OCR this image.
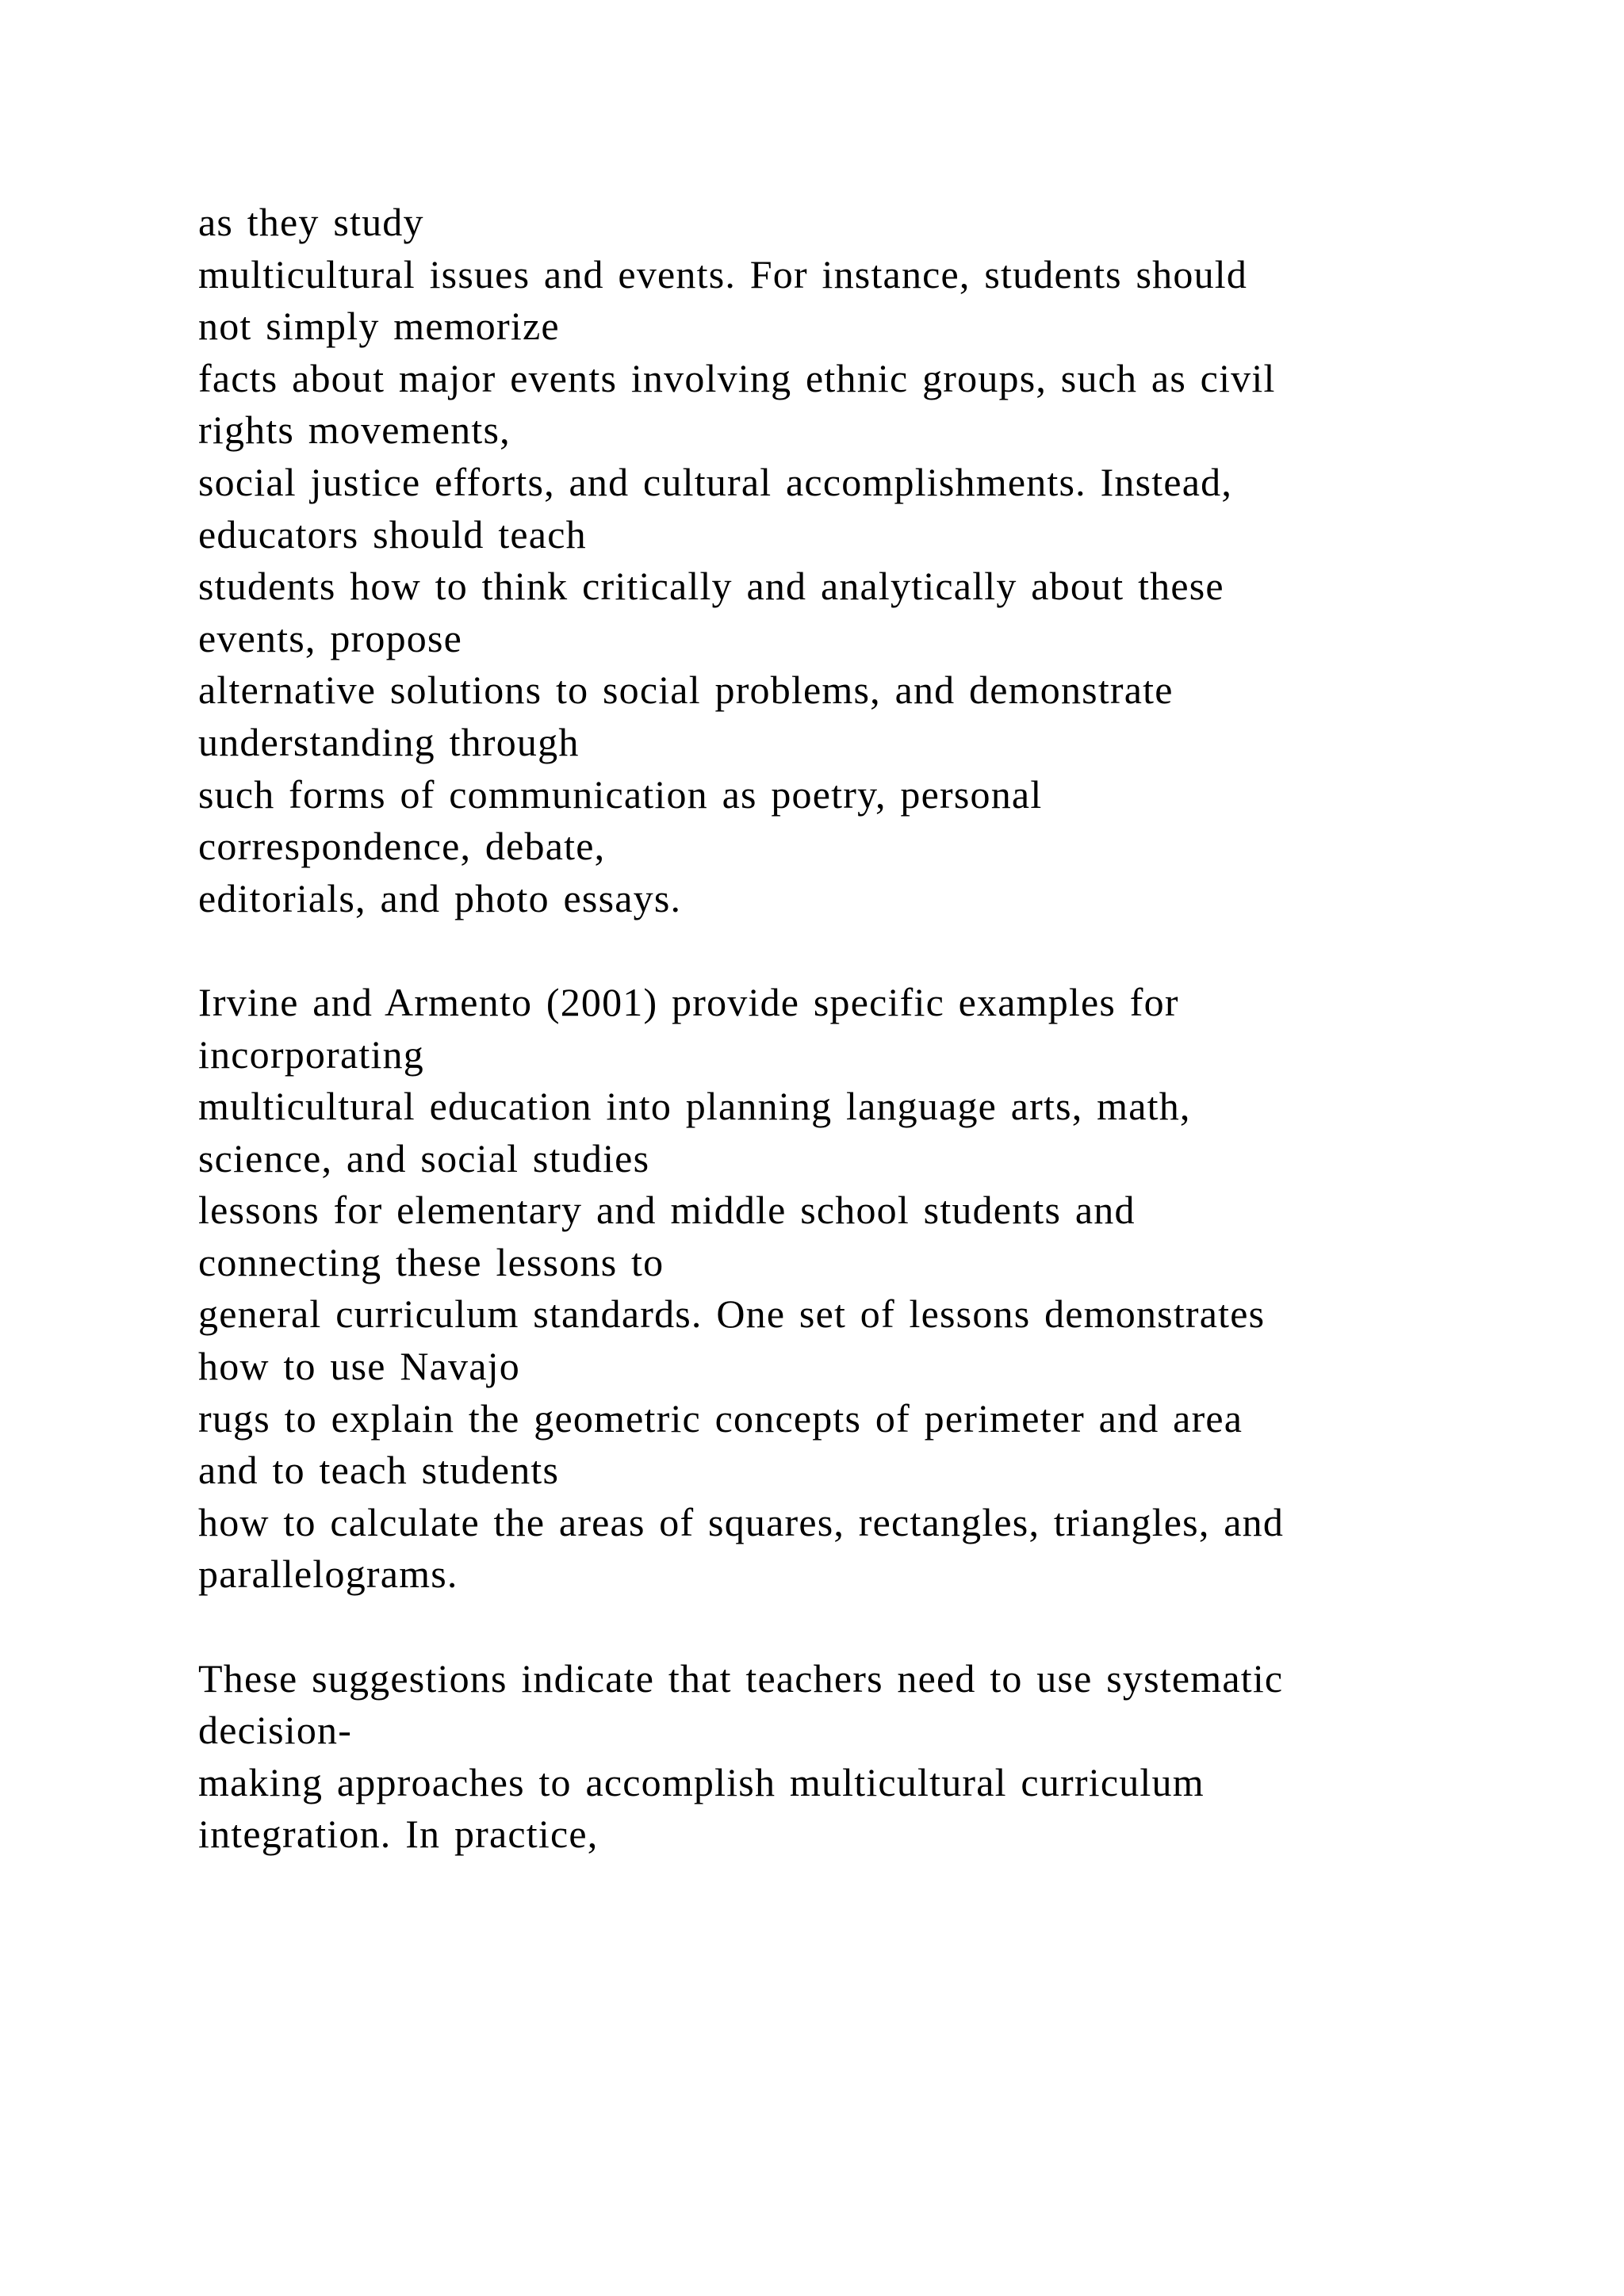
as they study
multicultural issues and events. For instance, students should
not simply memorize
facts about major events involving ethnic groups, such as civil
rights movements,
social justice efforts, and cultural accomplishments. Instead,
educators should teach
students how to think critically and analytically about these
events, propose
alternative solutions to social problems, and demonstrate
understanding through
such forms of communication as poetry, personal
correspondence, debate,
editorials, and photo essays.
Irvine and Armento (2001) provide specific examples for
incorporating
multicultural education into planning language arts, math,
science, and social studies
lessons for elementary and middle school students and
connecting these lessons to
general curriculum standards. One set of lessons demonstrates
how to use Navajo
rugs to explain the geometric concepts of perimeter and area
and to teach students
how to calculate the areas of squares, rectangles, triangles, and
parallelograms.
These suggestions indicate that teachers need to use systematic
decision-
making approaches to accomplish multicultural curriculum
integration. In practice,
